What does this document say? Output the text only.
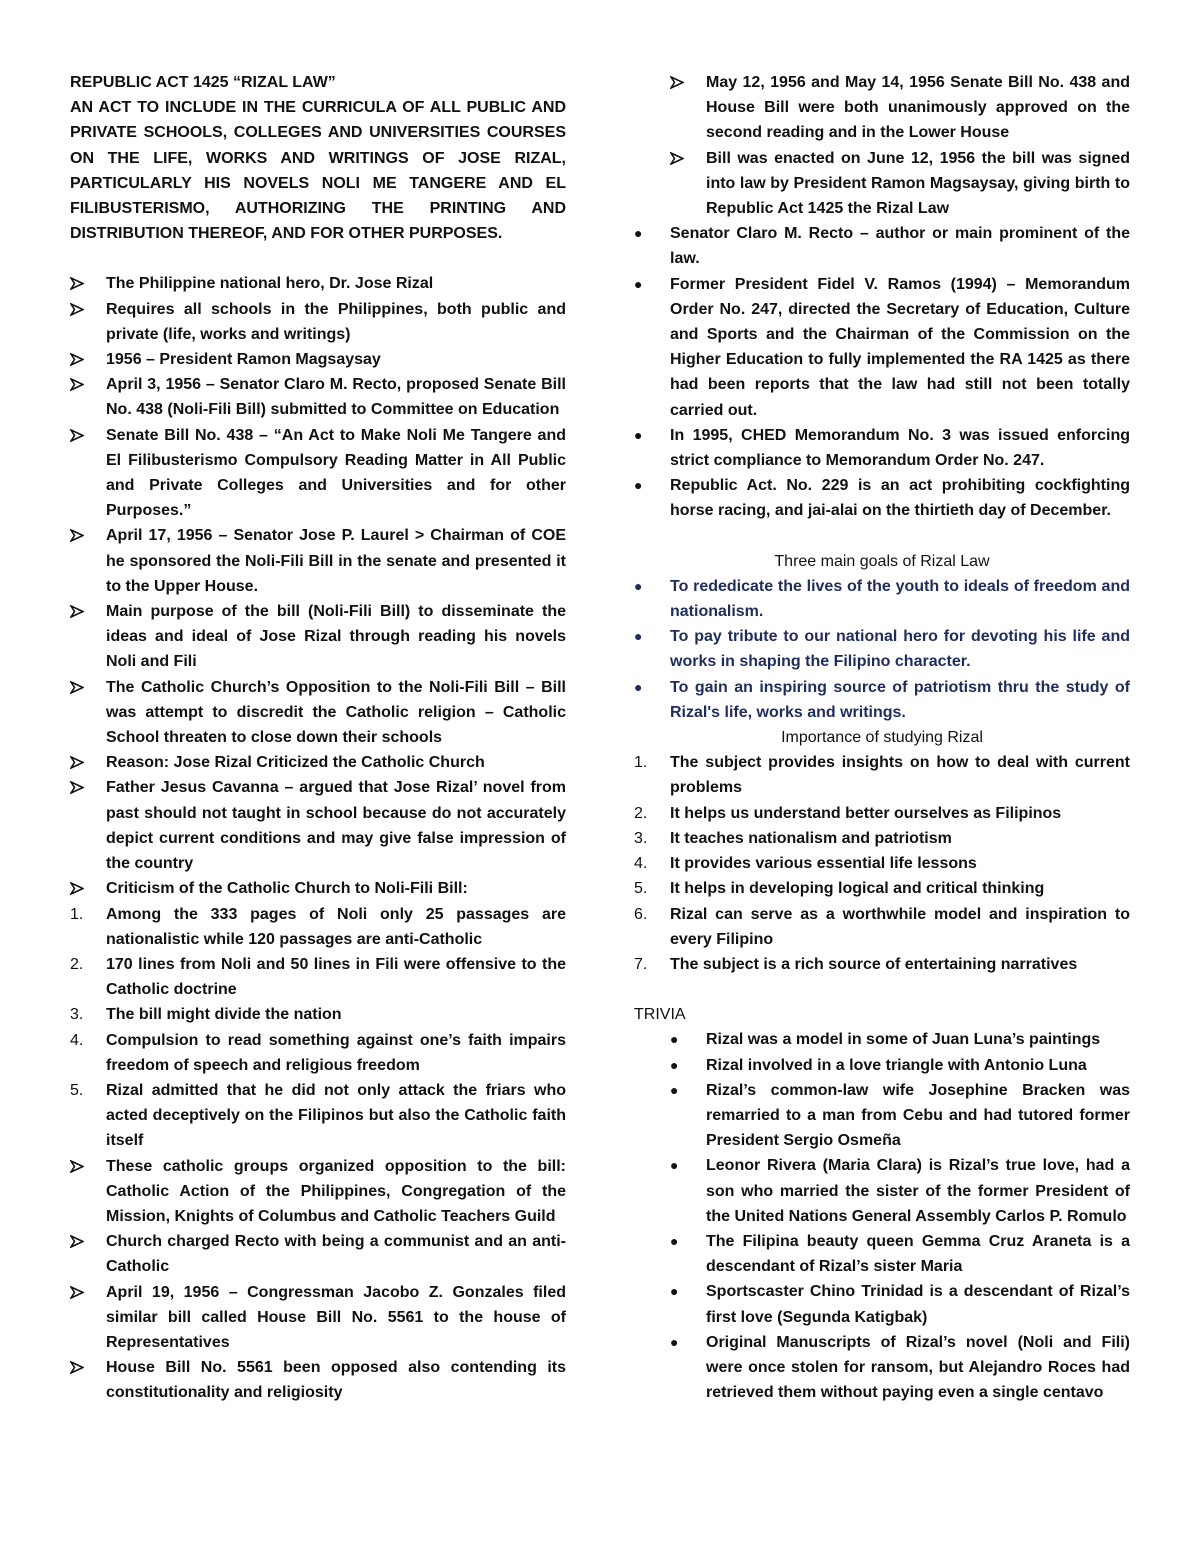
REPUBLIC ACT 1425 “RIZAL LAW”

AN ACT TO INCLUDE IN THE CURRICULA OF ALL PUBLIC AND PRIVATE SCHOOLS, COLLEGES AND UNIVERSITIES COURSES ON THE LIFE, WORKS AND WRITINGS OF JOSE RIZAL, PARTICULARLY HIS NOVELS NOLI ME TANGERE AND EL FILIBUSTERISMO, AUTHORIZING THE PRINTING AND DISTRIBUTION THEREOF, AND FOR OTHER PURPOSES.

The Philippine national hero, Dr. Jose Rizal
Requires all schools in the Philippines, both public and private (life, works and writings)
1956 – President Ramon Magsaysay
April 3, 1956 – Senator Claro M. Recto, proposed Senate Bill No. 438 (Noli-Fili Bill) submitted to Committee on Education
Senate Bill No. 438 – “An Act to Make Noli Me Tangere and El Filibusterismo Compulsory Reading Matter in All Public and Private Colleges and Universities and for other Purposes.”
April 17, 1956 – Senator Jose P. Laurel > Chairman of COE he sponsored the Noli-Fili Bill in the senate and presented it to the Upper House.
Main purpose of the bill (Noli-Fili Bill) to disseminate the ideas and ideal of Jose Rizal through reading his novels Noli and Fili
The Catholic Church’s Opposition to the Noli-Fili Bill – Bill was attempt to discredit the Catholic religion – Catholic School threaten to close down their schools
Reason: Jose Rizal Criticized the Catholic Church
Father Jesus Cavanna – argued that Jose Rizal’ novel from past should not taught in school because do not accurately depict current conditions and may give false impression of the country
Criticism of the Catholic Church to Noli-Fili Bill:
1. Among the 333 pages of Noli only 25 passages are nationalistic while 120 passages are anti-Catholic
2. 170 lines from Noli and 50 lines in Fili were offensive to the Catholic doctrine
3. The bill might divide the nation
4. Compulsion to read something against one’s faith impairs freedom of speech and religious freedom
5. Rizal admitted that he did not only attack the friars who acted deceptively on the Filipinos but also the Catholic faith itself
These catholic groups organized opposition to the bill: Catholic Action of the Philippines, Congregation of the Mission, Knights of Columbus and Catholic Teachers Guild
Church charged Recto with being a communist and an anti-Catholic
April 19, 1956 – Congressman Jacobo Z. Gonzales filed similar bill called House Bill No. 5561 to the house of Representatives
House Bill No. 5561 been opposed also contending its constitutionality and religiosity
May 12, 1956 and May 14, 1956 Senate Bill No. 438 and House Bill were both unanimously approved on the second reading and in the Lower House
Bill was enacted on June 12, 1956 the bill was signed into law by President Ramon Magsaysay, giving birth to Republic Act 1425 the Rizal Law
● Senator Claro M. Recto – author or main prominent of the law.
● Former President Fidel V. Ramos (1994) – Memorandum Order No. 247, directed the Secretary of Education, Culture and Sports and the Chairman of the Commission on the Higher Education to fully implemented the RA 1425 as there had been reports that the law had still not been totally carried out.
● In 1995, CHED Memorandum No. 3 was issued enforcing strict compliance to Memorandum Order No. 247.
● Republic Act. No. 229 is an act prohibiting cockfighting horse racing, and jai-alai on the thirtieth day of December.

Three main goals of Rizal Law

● To rededicate the lives of the youth to ideals of freedom and nationalism.
● To pay tribute to our national hero for devoting his life and works in shaping the Filipino character.
● To gain an inspiring source of patriotism thru the study of Rizal's life, works and writings.

Importance of studying Rizal

1. The subject provides insights on how to deal with current problems
2. It helps us understand better ourselves as Filipinos
3. It teaches nationalism and patriotism
4. It provides various essential life lessons
5. It helps in developing logical and critical thinking
6. Rizal can serve as a worthwhile model and inspiration to every Filipino
7. The subject is a rich source of entertaining narratives

TRIVIA

● Rizal was a model in some of Juan Luna’s paintings
● Rizal involved in a love triangle with Antonio Luna
● Rizal’s common-law wife Josephine Bracken was remarried to a man from Cebu and had tutored former President Sergio Osmeña
● Leonor Rivera (Maria Clara) is Rizal’s true love, had a son who married the sister of the former President of the United Nations General Assembly Carlos P. Romulo
● The Filipina beauty queen Gemma Cruz Araneta is a descendant of Rizal’s sister Maria
● Sportscaster Chino Trinidad is a descendant of Rizal’s first love (Segunda Katigbak)
● Original Manuscripts of Rizal’s novel (Noli and Fili) were once stolen for ransom, but Alejandro Roces had retrieved them without paying even a single centavo
